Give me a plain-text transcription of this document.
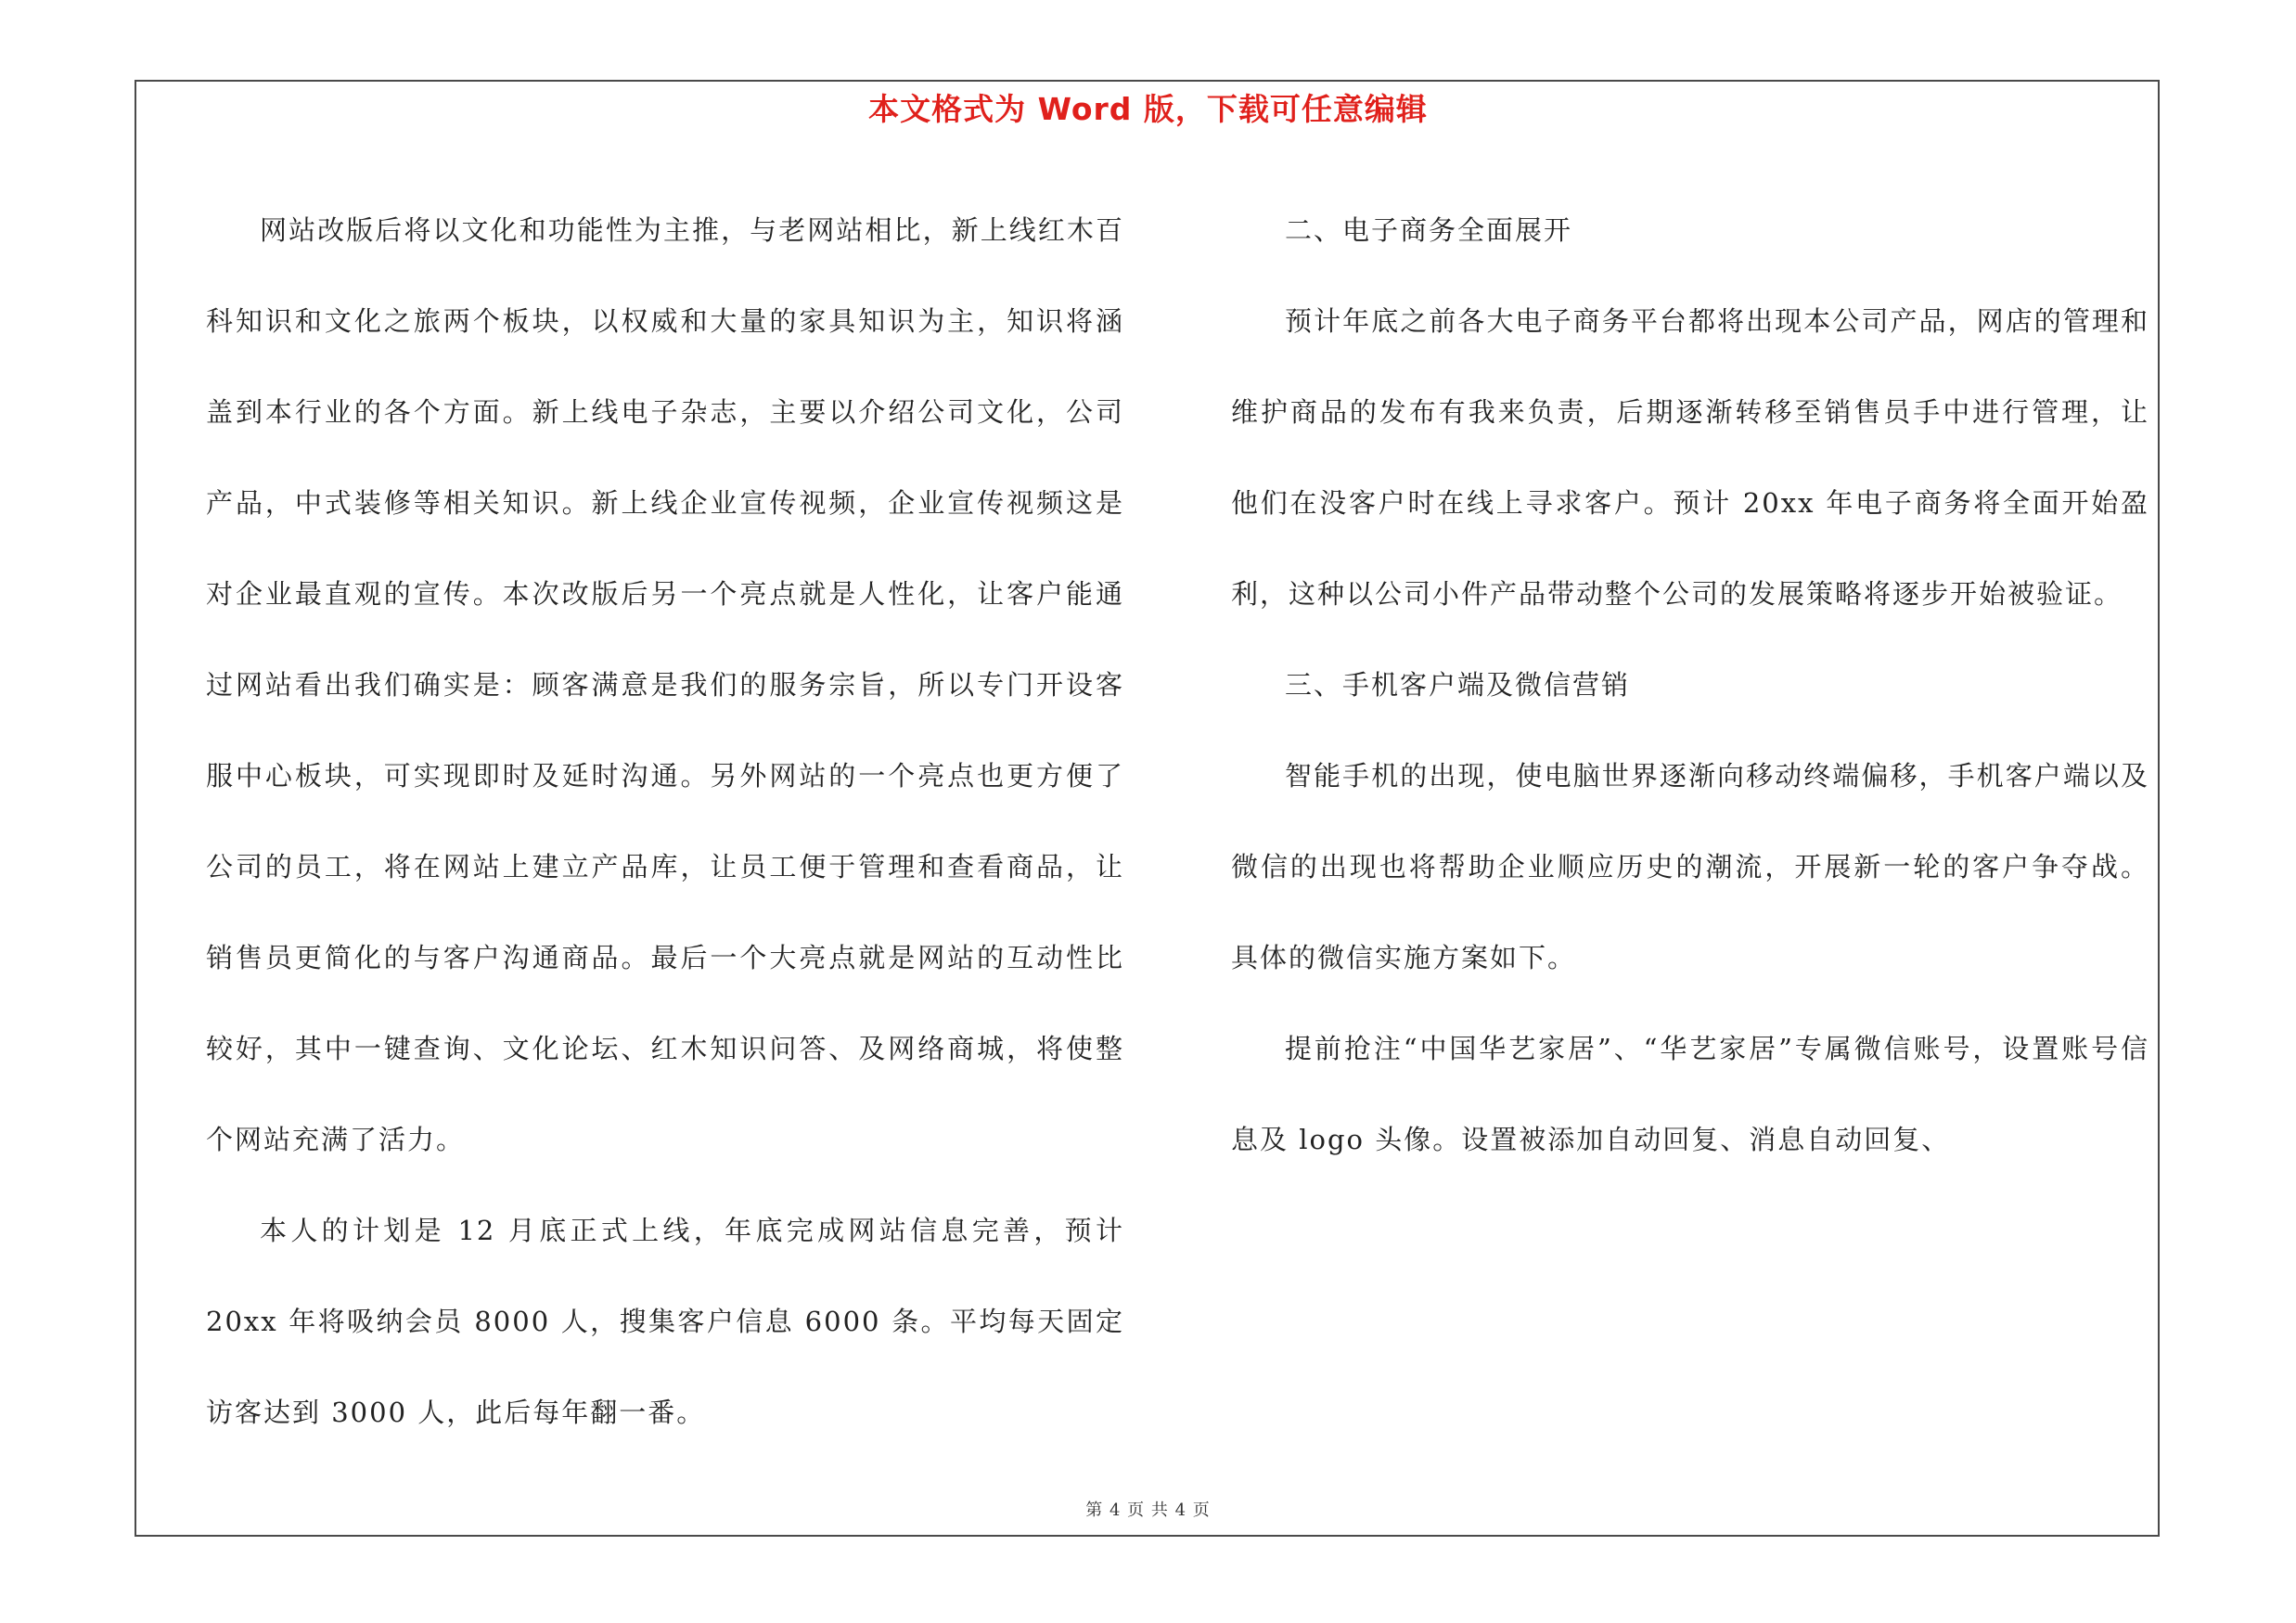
本文格式为 Word 版，下载可任意编辑

网站改版后将以文化和功能性为主推，与老网站相比，新上线红木百科知识和文化之旅两个板块，以权威和大量的家具知识为主，知识将涵盖到本行业的各个方面。新上线电子杂志，主要以介绍公司文化，公司产品，中式装修等相关知识。新上线企业宣传视频，企业宣传视频这是对企业最直观的宣传。本次改版后另一个亮点就是人性化，让客户能通过网站看出我们确实是：顾客满意是我们的服务宗旨，所以专门开设客服中心板块，可实现即时及延时沟通。另外网站的一个亮点也更方便了公司的员工，将在网站上建立产品库，让员工便于管理和查看商品，让销售员更简化的与客户沟通商品。最后一个大亮点就是网站的互动性比较好，其中一键查询、文化论坛、红木知识问答、及网络商城，将使整个网站充满了活力。

本人的计划是 12 月底正式上线，年底完成网站信息完善，预计 20xx 年将吸纳会员 8000 人，搜集客户信息 6000 条。平均每天固定访客达到 3000 人，此后每年翻一番。

二、电子商务全面展开

预计年底之前各大电子商务平台都将出现本公司产品，网店的管理和维护商品的发布有我来负责，后期逐渐转移至销售员手中进行管理，让他们在没客户时在线上寻求客户。预计 20xx 年电子商务将全面开始盈利，这种以公司小件产品带动整个公司的发展策略将逐步开始被验证。

三、手机客户端及微信营销

智能手机的出现，使电脑世界逐渐向移动终端偏移，手机客户端以及微信的出现也将帮助企业顺应历史的潮流，开展新一轮的客户争夺战。具体的微信实施方案如下。

提前抢注“中国华艺家居”、“华艺家居”专属微信账号，设置账号信息及 logo 头像。设置被添加自动回复、消息自动回复、

第 4 页 共 4 页
